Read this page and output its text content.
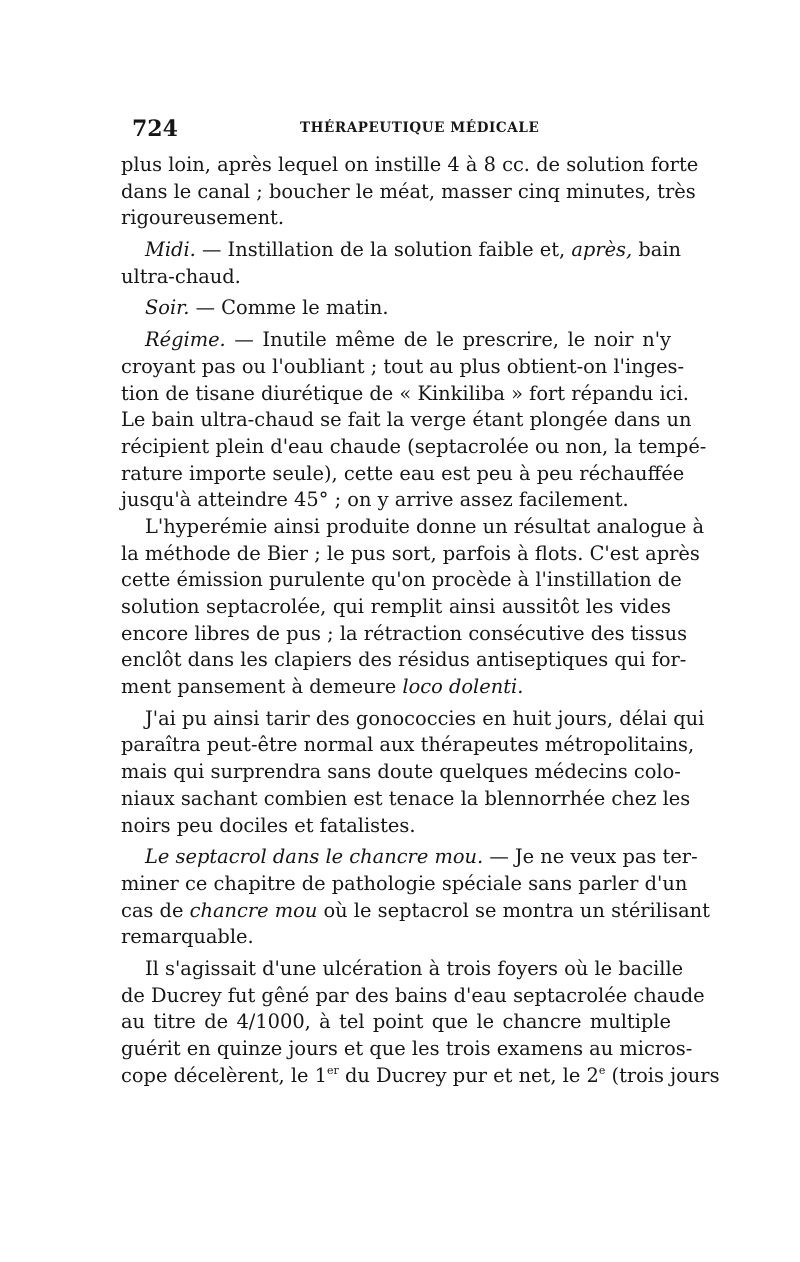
724	THÉRAPEUTIQUE MÉDICALE
plus loin, après lequel on instille 4 à 8 cc. de solution forte
dans le canal ; boucher le méat, masser cinq minutes, très
rigoureusement.
Midi. — Instillation de la solution faible et, après, bain
ultra-chaud.
Soir. — Comme le matin.
Régime. — Inutile même de le prescrire, le noir n'y
croyant pas ou l'oubliant ; tout au plus obtient-on l'inges-
tion de tisane diurétique de « Kinkiliba » fort répandu ici.
Le bain ultra-chaud se fait la verge étant plongée dans un
récipient plein d'eau chaude (septacrolée ou non, la tempé-
rature importe seule), cette eau est peu à peu réchauffée
jusqu'à atteindre 45° ; on y arrive assez facilement.
L'hyperémie ainsi produite donne un résultat analogue à
la méthode de Bier ; le pus sort, parfois à flots. C'est après
cette émission purulente qu'on procède à l'instillation de
solution septacrolée, qui remplit ainsi aussitôt les vides
encore libres de pus ; la rétraction consécutive des tissus
enclôt dans les clapiers des résidus antiseptiques qui for-
ment pansement à demeure loco dolenti.
J'ai pu ainsi tarir des gonococcies en huit jours, délai qui
paraîtra peut-être normal aux thérapeutes métropolitains,
mais qui surprendra sans doute quelques médecins colo-
niaux sachant combien est tenace la blennorrhée chez les
noirs peu dociles et fatalistes.
Le septacrol dans le chancre mou. — Je ne veux pas ter-
miner ce chapitre de pathologie spéciale sans parler d'un
cas de chancre mou où le septacrol se montra un stérilisant
remarquable.
Il s'agissait d'une ulcération à trois foyers où le bacille
de Ducrey fut gêné par des bains d'eau septacrolée chaude
au titre de 4/1000, à tel point que le chancre multiple
guérit en quinze jours et que les trois examens au micros-
cope décelèrent, le 1er du Ducrey pur et net, le 2e (trois jours
